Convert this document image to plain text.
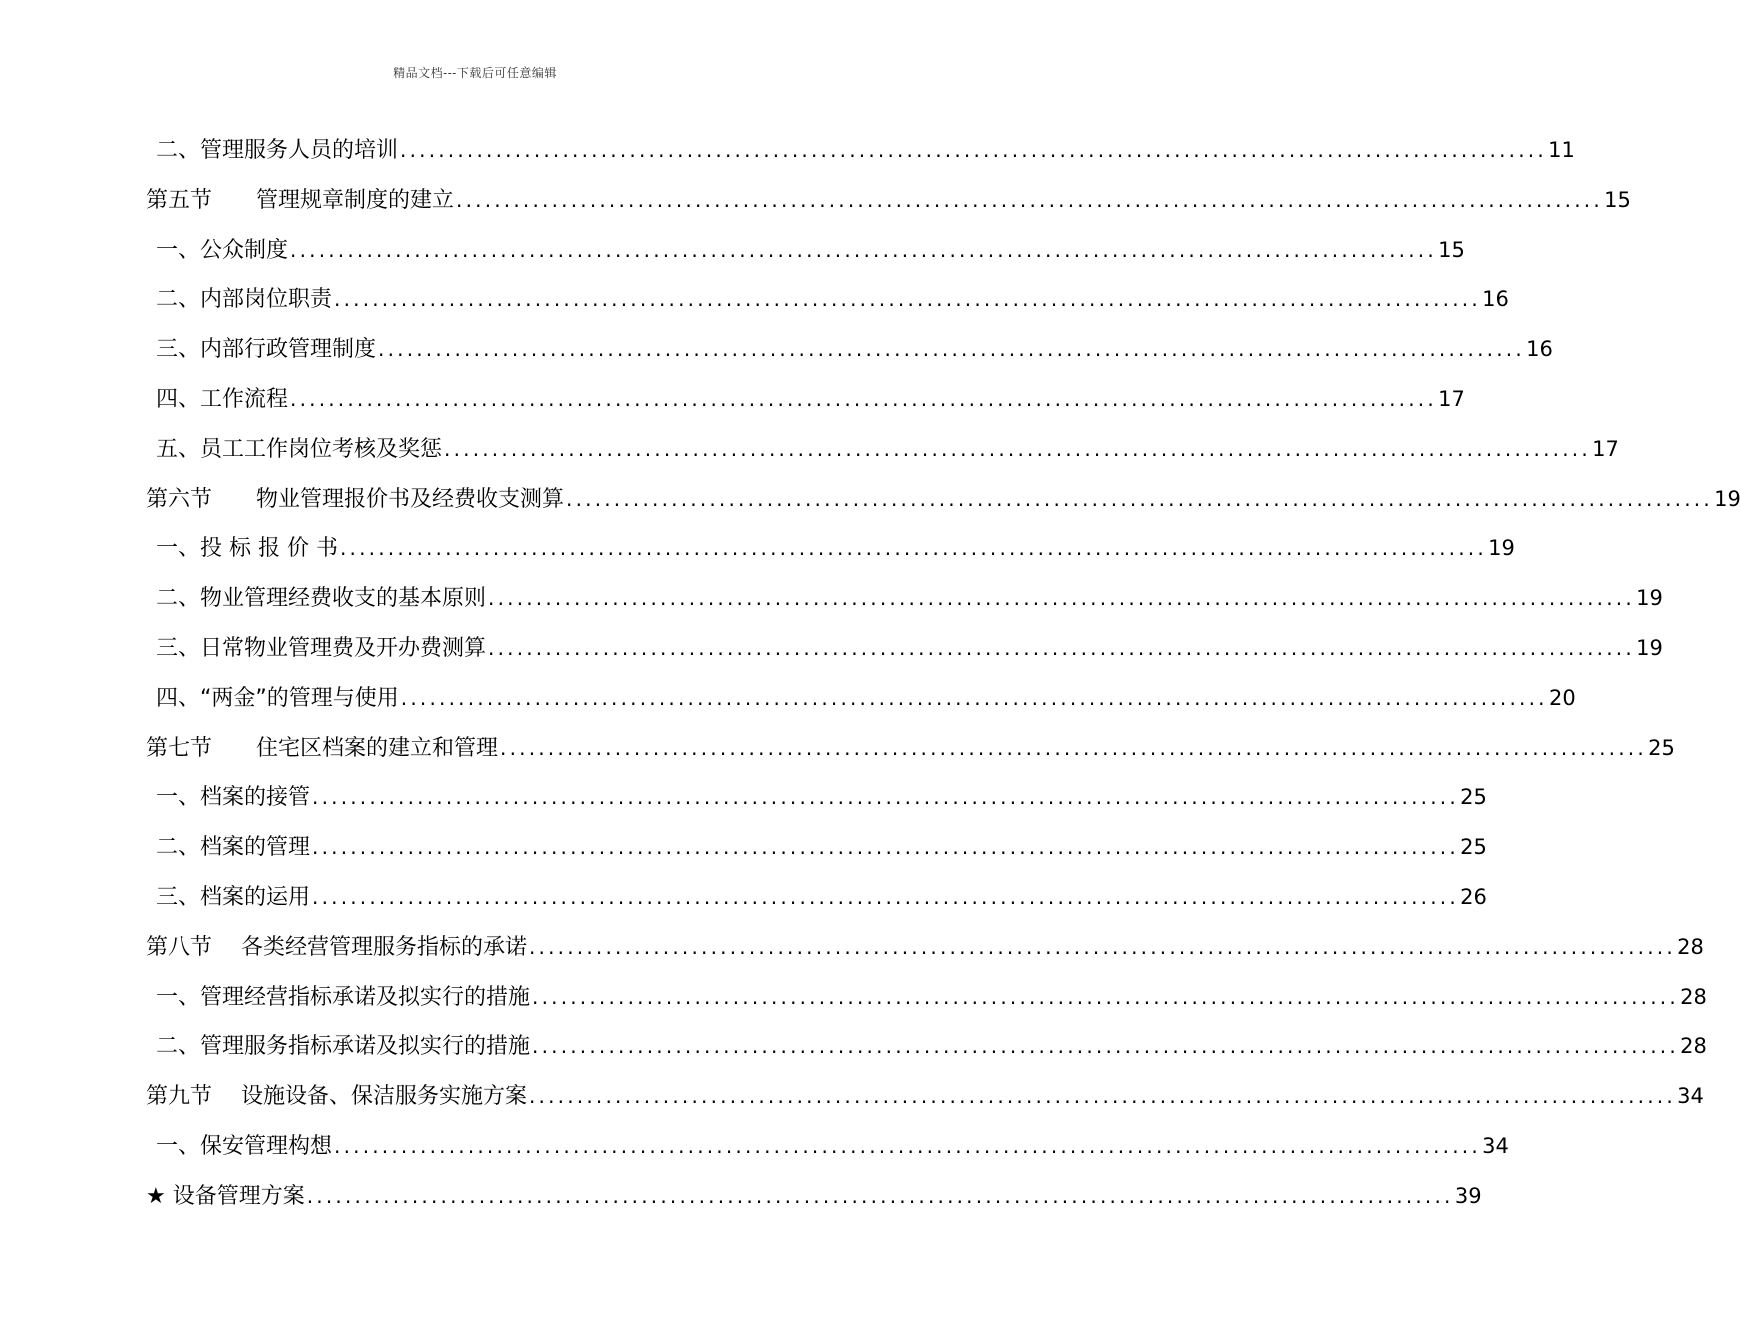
精品文档---下载后可任意编辑
二、管理服务人员的培训 ........................................................................................................................ 11
第五节　　管理规章制度的建立 ........................................................................................................................ 15
一、公众制度 ........................................................................................................................ 15
二、内部岗位职责 ........................................................................................................................ 16
三、内部行政管理制度 ........................................................................................................................ 16
四、工作流程 ........................................................................................................................ 17
五、员工工作岗位考核及奖惩 ........................................................................................................................ 17
第六节　　物业管理报价书及经费收支测算 ........................................................................................................................ 19
一、投 标 报 价 书 ........................................................................................................................ 19
二、物业管理经费收支的基本原则 ........................................................................................................................ 19
三、日常物业管理费及开办费测算 ........................................................................................................................ 19
四、“两金”的管理与使用 ........................................................................................................................ 20
第七节　　住宅区档案的建立和管理 ........................................................................................................................ 25
一、档案的接管 ........................................................................................................................ 25
二、档案的管理 ........................................................................................................................ 25
三、档案的运用 ........................................................................................................................ 26
第八节　 各类经营管理服务指标的承诺 ........................................................................................................................ 28
一、管理经营指标承诺及拟实行的措施 ........................................................................................................................ 28
二、管理服务指标承诺及拟实行的措施 ........................................................................................................................ 28
第九节　 设施设备、保洁服务实施方案 ........................................................................................................................ 34
一、保安管理构想 ........................................................................................................................ 34
★ 设备管理方案 ........................................................................................................................ 39
